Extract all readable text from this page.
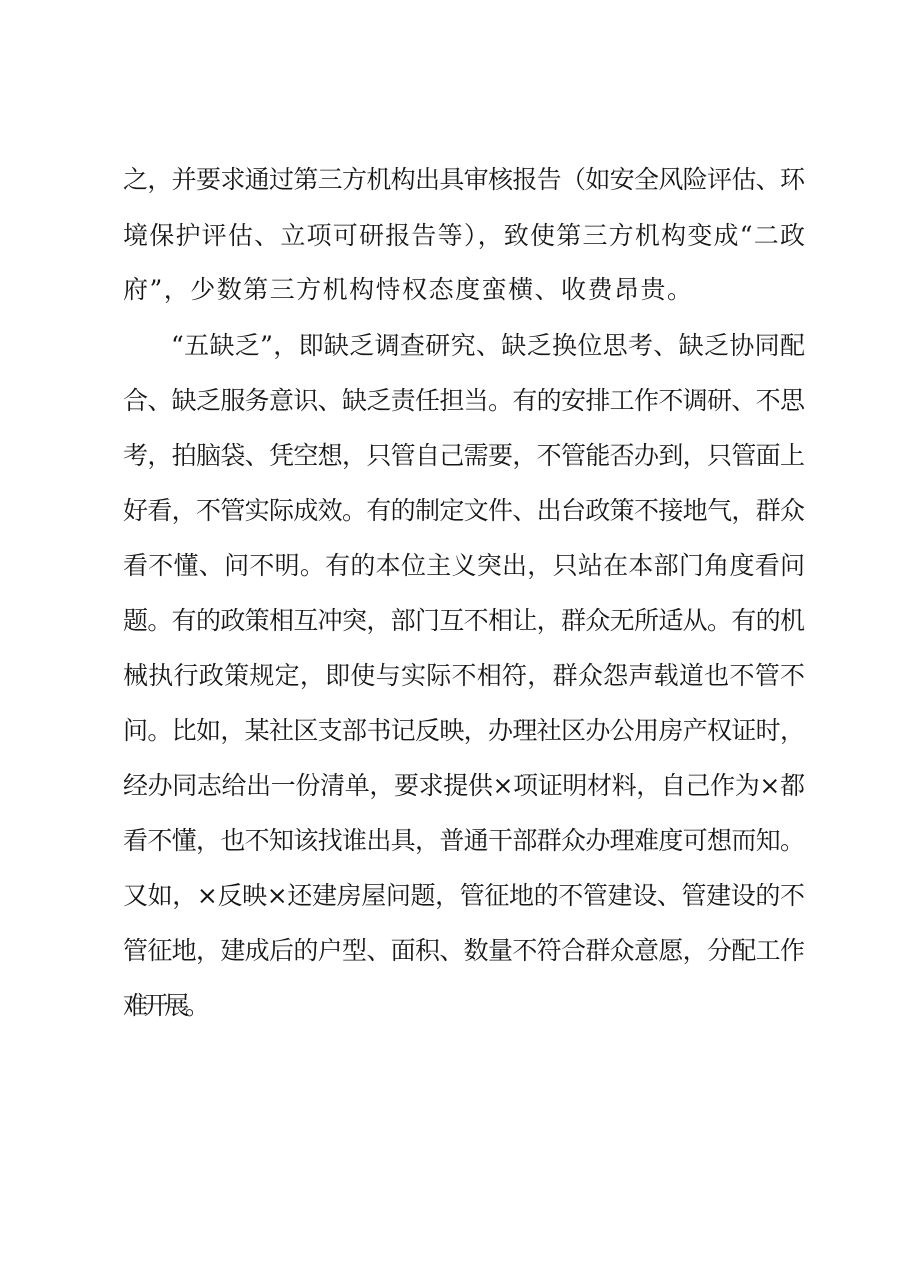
之，并要求通过第三方机构出具审核报告（如安全风险评估、环
境保护评估、立项可研报告等），致使第三方机构变成“二政
府”，少数第三方机构恃权态度蛮横、收费昂贵。
“五缺乏”，即缺乏调查研究、缺乏换位思考、缺乏协同配
合、缺乏服务意识、缺乏责任担当。有的安排工作不调研、不思
考，拍脑袋、凭空想，只管自己需要，不管能否办到，只管面上
好看，不管实际成效。有的制定文件、出台政策不接地气，群众
看不懂、问不明。有的本位主义突出，只站在本部门角度看问
题。有的政策相互冲突，部门互不相让，群众无所适从。有的机
械执行政策规定，即使与实际不相符，群众怨声载道也不管不
问。比如，某社区支部书记反映，办理社区办公用房产权证时，
经办同志给出一份清单，要求提供×项证明材料，自己作为×都
看不懂，也不知该找谁出具，普通干部群众办理难度可想而知。
又如，×反映×还建房屋问题，管征地的不管建设、管建设的不
管征地，建成后的户型、面积、数量不符合群众意愿，分配工作
难开展。
